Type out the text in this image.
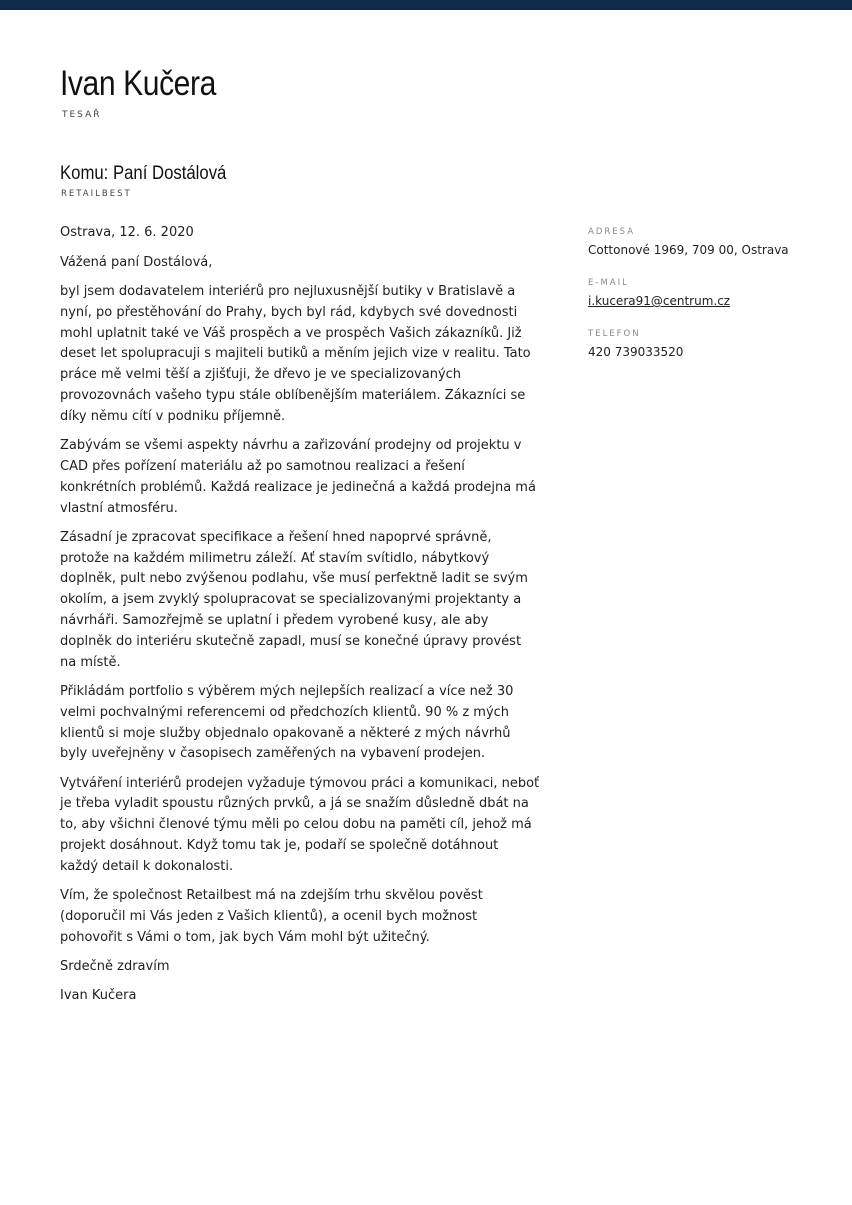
Ivan Kučera
TESAŘ
Komu: Paní Dostálová
RETAILBEST

Ostrava, 12. 6. 2020

Vážená paní Dostálová,

byl jsem dodavatelem interiérů pro nejluxusnější butiky v Bratislavě a nyní, po přestěhování do Prahy, bych byl rád, kdybych své dovednosti mohl uplatnit také ve Váš prospěch a ve prospěch Vašich zákazníků. Již deset let spolupracuji s majiteli butiků a měním jejich vize v realitu. Tato práce mě velmi těší a zjišťuji, že dřevo je ve specializovaných provozovnách vašeho typu stále oblíbenějším materiálem. Zákazníci se díky němu cítí v podniku příjemně.

Zabývám se všemi aspekty návrhu a zařizování prodejny od projektu v CAD přes pořízení materiálu až po samotnou realizaci a řešení konkrétních problémů. Každá realizace je jedinečná a každá prodejna má vlastní atmosféru.

Zásadní je zpracovat specifikace a řešení hned napoprvé správně, protože na každém milimetru záleží. Ať stavím svítidlo, nábytkový doplněk, pult nebo zvýšenou podlahu, vše musí perfektně ladit se svým okolím, a jsem zvyklý spolupracovat se specializovanými projektanty a návrháři. Samozřejmě se uplatní i předem vyrobené kusy, ale aby doplněk do interiéru skutečně zapadl, musí se konečné úpravy provést na místě.

Přikládám portfolio s výběrem mých nejlepších realizací a více než 30 velmi pochvalnými referencemi od předchozích klientů. 90 % z mých klientů si moje služby objednalo opakovaně a některé z mých návrhů byly uveřejněny v časopisech zaměřených na vybavení prodejen.

Vytváření interiérů prodejen vyžaduje týmovou práci a komunikaci, neboť je třeba vyladit spoustu různých prvků, a já se snažím důsledně dbát na to, aby všichni členové týmu měli po celou dobu na paměti cíl, jehož má projekt dosáhnout. Když tomu tak je, podaří se společně dotáhnout každý detail k dokonalosti.

Vím, že společnost Retailbest má na zdejším trhu skvělou pověst (doporučil mi Vás jeden z Vašich klientů), a ocenil bych možnost pohovořit s Vámi o tom, jak bych Vám mohl být užitečný.

Srdečně zdravím

Ivan Kučera

ADRESA
Cottonové 1969, 709 00, Ostrava
E-MAIL
i.kucera91@centrum.cz
TELEFON
420 739033520
